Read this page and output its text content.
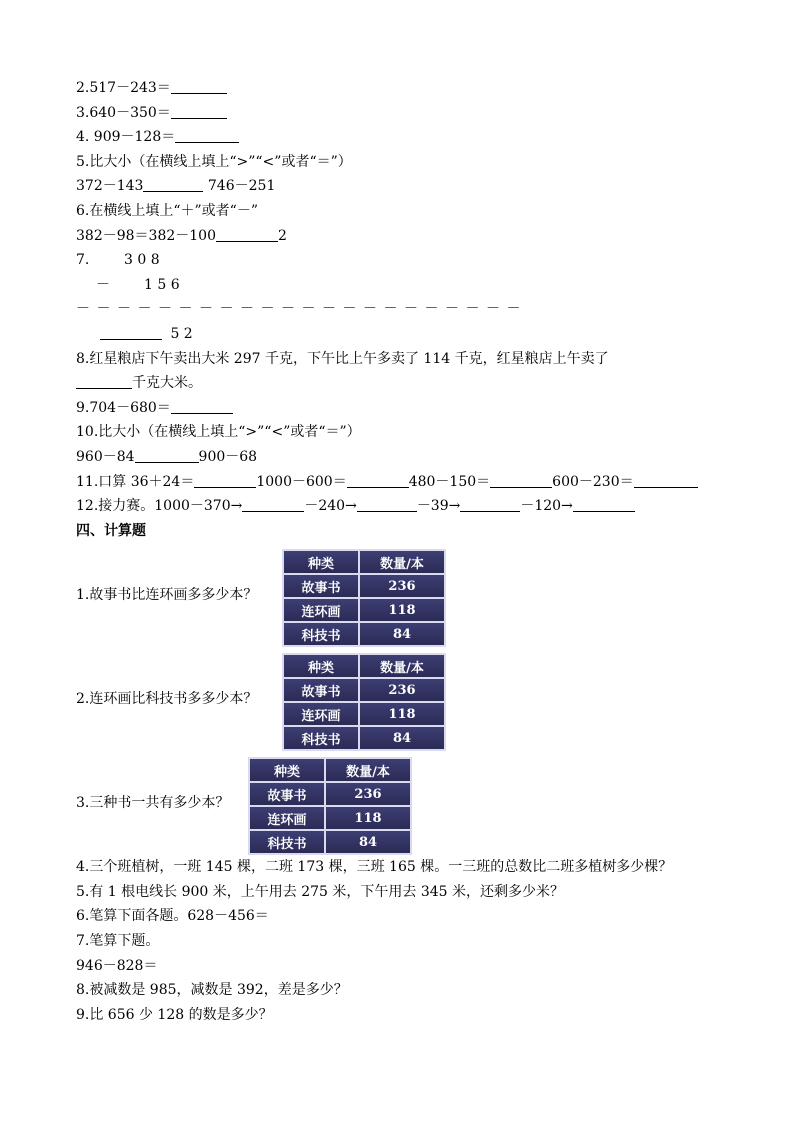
2.517－243＝
3.640－350＝
4. 909－128＝
5.比大小（在横线上填上“>”“<”或者“＝”）
372－143	746－251
6.在横线上填上“＋”或者“－”
382－98＝382－100	2
7. 3 0 8
－ 1 5 6
－－－－－－－－－－－－－－－－－－－－－－
5 2
8.红星粮店下午卖出大米 297 千克，下午比上午多卖了 114 千克，红星粮店上午卖了
千克大米。
9.704－680＝
10.比大小（在横线上填上“>”“<”或者“＝”）
960－84	900－68
11.口算 36＋24＝	1000－600＝	480－150＝	600－230＝
12.接力赛。1000－370→	－240→	－39→	－120→
四、计算题
1.故事书比连环画多多少本？
种类	数量/本
故事书	236
连环画	118
科技书	84
2.连环画比科技书多多少本？
种类	数量/本
故事书	236
连环画	118
科技书	84
3.三种书一共有多少本？
种类	数量/本
故事书	236
连环画	118
科技书	84
4.三个班植树，一班 145 棵，二班 173 棵，三班 165 棵。一三班的总数比二班多植树多少棵？
5.有 1 根电线长 900 米，上午用去 275 米，下午用去 345 米，还剩多少米？
6.笔算下面各题。628－456＝
7.笔算下题。
946－828＝
8.被减数是 985，减数是 392，差是多少？
9.比 656 少 128 的数是多少？
